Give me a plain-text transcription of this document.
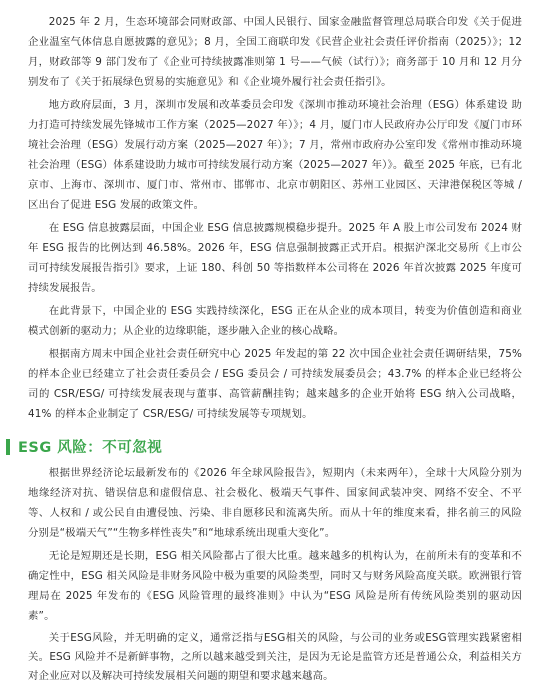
2025 年 2 月，生态环境部会同财政部、中国人民银行、国家金融监督管理总局联合印发《关于促进企业温室气体信息自愿披露的意见》；8 月，全国工商联印发《民营企业社会责任评价指南（2025）》；12 月，财政部等 9 部门发布了《企业可持续披露准则第 1 号——气候（试行）》；商务部于 10 月和 12 月分别发布了《关于拓展绿色贸易的实施意见》和《企业境外履行社会责任指引》。

地方政府层面，3 月，深圳市发展和改革委员会印发《深圳市推动环境社会治理（ESG）体系建设 助力打造可持续发展先锋城市工作方案（2025—2027 年）》；4 月，厦门市人民政府办公厅印发《厦门市环境社会治理（ESG）发展行动方案（2025—2027 年）》；7 月，常州市政府办公室印发《常州市推动环境社会治理（ESG）体系建设助力城市可持续发展行动方案（2025—2027 年）》。截至 2025 年底，已有北京市、上海市、深圳市、厦门市、常州市、邯郸市、北京市朝阳区、苏州工业园区、天津港保税区等城 / 区出台了促进 ESG 发展的政策文件。

在 ESG 信息披露层面，中国企业 ESG 信息披露规模稳步提升。2025 年 A 股上市公司发布 2024 财年 ESG 报告的比例达到 46.58%。2026 年，ESG 信息强制披露正式开启。根据沪深北交易所《上市公司可持续发展报告指引》要求，上证 180、科创 50 等指数样本公司将在 2026 年首次披露 2025 年度可持续发展报告。

在此背景下，中国企业的 ESG 实践持续深化，ESG 正在从企业的成本项目，转变为价值创造和商业模式创新的驱动力；从企业的边缘职能，逐步融入企业的核心战略。

根据南方周末中国企业社会责任研究中心 2025 年发起的第 22 次中国企业社会责任调研结果，75% 的样本企业已经建立了社会责任委员会 / ESG 委员会 / 可持续发展委员会；43.7% 的样本企业已经将公司的 CSR/ESG/ 可持续发展表现与董事、高管薪酬挂钩；越来越多的企业开始将 ESG 纳入公司战略，41% 的样本企业制定了 CSR/ESG/ 可持续发展等专项规划。

ESG 风险：不可忽视

根据世界经济论坛最新发布的《2026 年全球风险报告》，短期内（未来两年），全球十大风险分别为地缘经济对抗、错误信息和虚假信息、社会极化、极端天气事件、国家间武装冲突、网络不安全、不平等、人权和 / 或公民自由遭侵蚀、污染、非自愿移民和流离失所。而从十年的维度来看，排名前三的风险分别是“极端天气”“生物多样性丧失”和“地球系统出现重大变化”。

无论是短期还是长期，ESG 相关风险都占了很大比重。越来越多的机构认为，在前所未有的变革和不确定性中，ESG 相关风险是非财务风险中极为重要的风险类型，同时又与财务风险高度关联。欧洲银行管理局在 2025 年发布的《ESG 风险管理的最终准则》中认为“ESG 风险是所有传统风险类别的驱动因素”。

关于ESG风险，并无明确的定义，通常泛指与ESG相关的风险，与公司的业务或ESG管理实践紧密相关。ESG 风险并不是新鲜事物，之所以越来越受到关注，是因为无论是监管方还是普通公众，利益相关方对企业应对以及解决可持续发展相关问题的期望和要求越来越高。
